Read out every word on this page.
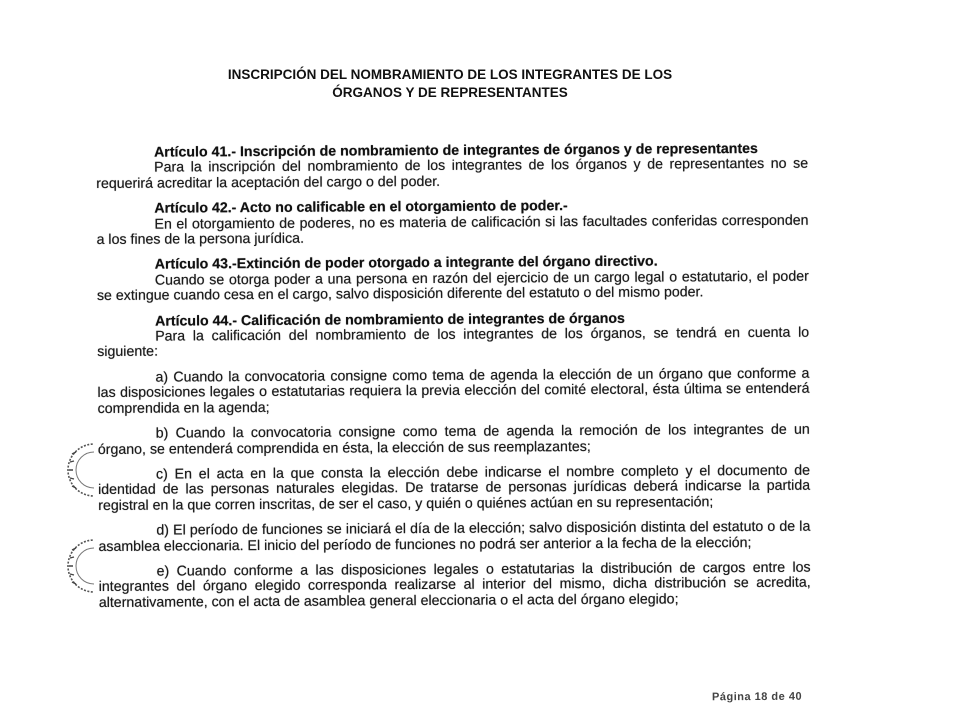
INSCRIPCIÓN DEL NOMBRAMIENTO DE LOS INTEGRANTES DE LOS
ÓRGANOS Y DE REPRESENTANTES
Artículo 41.- Inscripción de nombramiento de integrantes de órganos y de representantes
Para la inscripción del nombramiento de los integrantes de los órganos y de representantes no se requerirá acreditar la aceptación del cargo o del poder.
Artículo 42.- Acto no calificable en el otorgamiento de poder.-
En el otorgamiento de poderes, no es materia de calificación si las facultades conferidas corresponden a los fines de la persona jurídica.
Artículo 43.-Extinción de poder otorgado a integrante del órgano directivo.
Cuando se otorga poder a una persona en razón del ejercicio de un cargo legal o estatutario, el poder se extingue cuando cesa en el cargo, salvo disposición diferente del estatuto o del mismo poder.
Artículo 44.- Calificación de nombramiento de integrantes de órganos
Para la calificación del nombramiento de los integrantes de los órganos, se tendrá en cuenta lo siguiente:
a) Cuando la convocatoria consigne como tema de agenda la elección de un órgano que conforme a las disposiciones legales o estatutarias requiera la previa elección del comité electoral, ésta última se entenderá comprendida en la agenda;
b) Cuando la convocatoria consigne como tema de agenda la remoción de los integrantes de un órgano, se entenderá comprendida en ésta, la elección de sus reemplazantes;
c) En el acta en la que consta la elección debe indicarse el nombre completo y el documento de identidad de las personas naturales elegidas. De tratarse de personas jurídicas deberá indicarse la partida registral en la que corren inscritas, de ser el caso, y quién o quiénes actúan en su representación;
d) El período de funciones se iniciará el día de la elección; salvo disposición distinta del estatuto o de la asamblea eleccionaria. El inicio del período de funciones no podrá ser anterior a la fecha de la elección;
e) Cuando conforme a las disposiciones legales o estatutarias la distribución de cargos entre los integrantes del órgano elegido corresponda realizarse al interior del mismo, dicha distribución se acredita, alternativamente, con el acta de asamblea general eleccionaria o el acta del órgano elegido;
Página 18 de 40
